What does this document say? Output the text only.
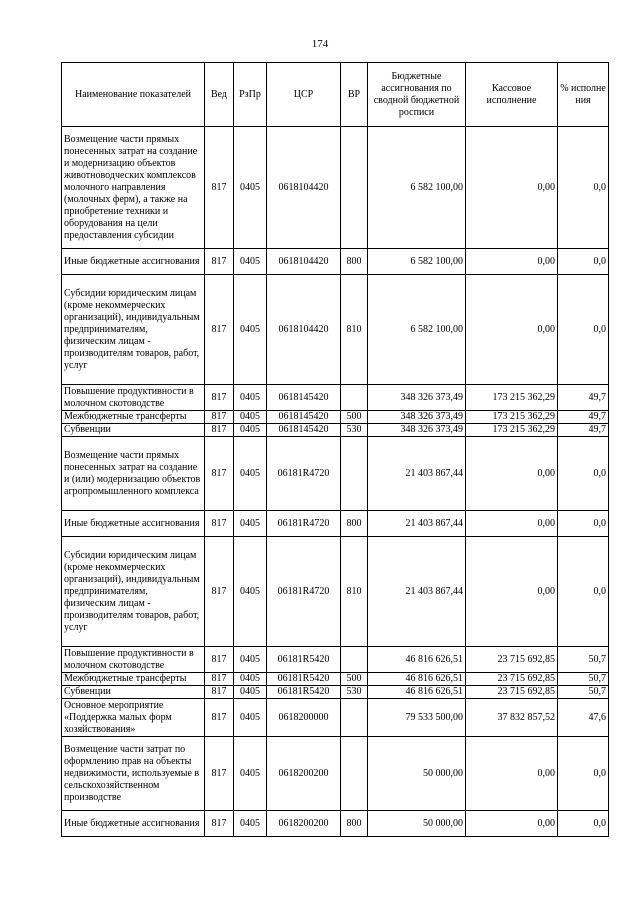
174
Наименование показателей	Вед	РзПр	ЦСР	ВР	Бюджетные ассигнования по сводной бюджетной росписи	Кассовое исполнение	% исполне ния
Возмещение части прямых понесенных затрат на создание и модернизацию объектов животноводческих комплексов молочного направления (молочных ферм), а также на приобретение техники и оборудования на цели предоставления субсидии	817	0405	0618104420		6 582 100,00	0,00	0,0
Иные бюджетные ассигнования	817	0405	0618104420	800	6 582 100,00	0,00	0,0
Субсидии юридическим лицам (кроме некоммерческих организаций), индивидуальным предпринимателям, физическим лицам - производителям товаров, работ, услуг	817	0405	0618104420	810	6 582 100,00	0,00	0,0
Повышение продуктивности в молочном скотоводстве	817	0405	0618145420		348 326 373,49	173 215 362,29	49,7
Межбюджетные трансферты	817	0405	0618145420	500	348 326 373,49	173 215 362,29	49,7
Субвенции	817	0405	0618145420	530	348 326 373,49	173 215 362,29	49,7
Возмещение части прямых понесенных затрат на создание и (или) модернизацию объектов агропромышленного комплекса	817	0405	06181R4720		21 403 867,44	0,00	0,0
Иные бюджетные ассигнования	817	0405	06181R4720	800	21 403 867,44	0,00	0,0
Субсидии юридическим лицам (кроме некоммерческих организаций), индивидуальным предпринимателям, физическим лицам - производителям товаров, работ, услуг	817	0405	06181R4720	810	21 403 867,44	0,00	0,0
Повышение продуктивности в молочном скотоводстве	817	0405	06181R5420		46 816 626,51	23 715 692,85	50,7
Межбюджетные трансферты	817	0405	06181R5420	500	46 816 626,51	23 715 692,85	50,7
Субвенции	817	0405	06181R5420	530	46 816 626,51	23 715 692,85	50,7
Основное мероприятие «Поддержка малых форм хозяйствования»	817	0405	0618200000		79 533 500,00	37 832 857,52	47,6
Возмещение части затрат по оформлению прав на объекты недвижимости, используемые в сельскохозяйственном производстве	817	0405	0618200200		50 000,00	0,00	0,0
Иные бюджетные ассигнования	817	0405	0618200200	800	50 000,00	0,00	0,0
